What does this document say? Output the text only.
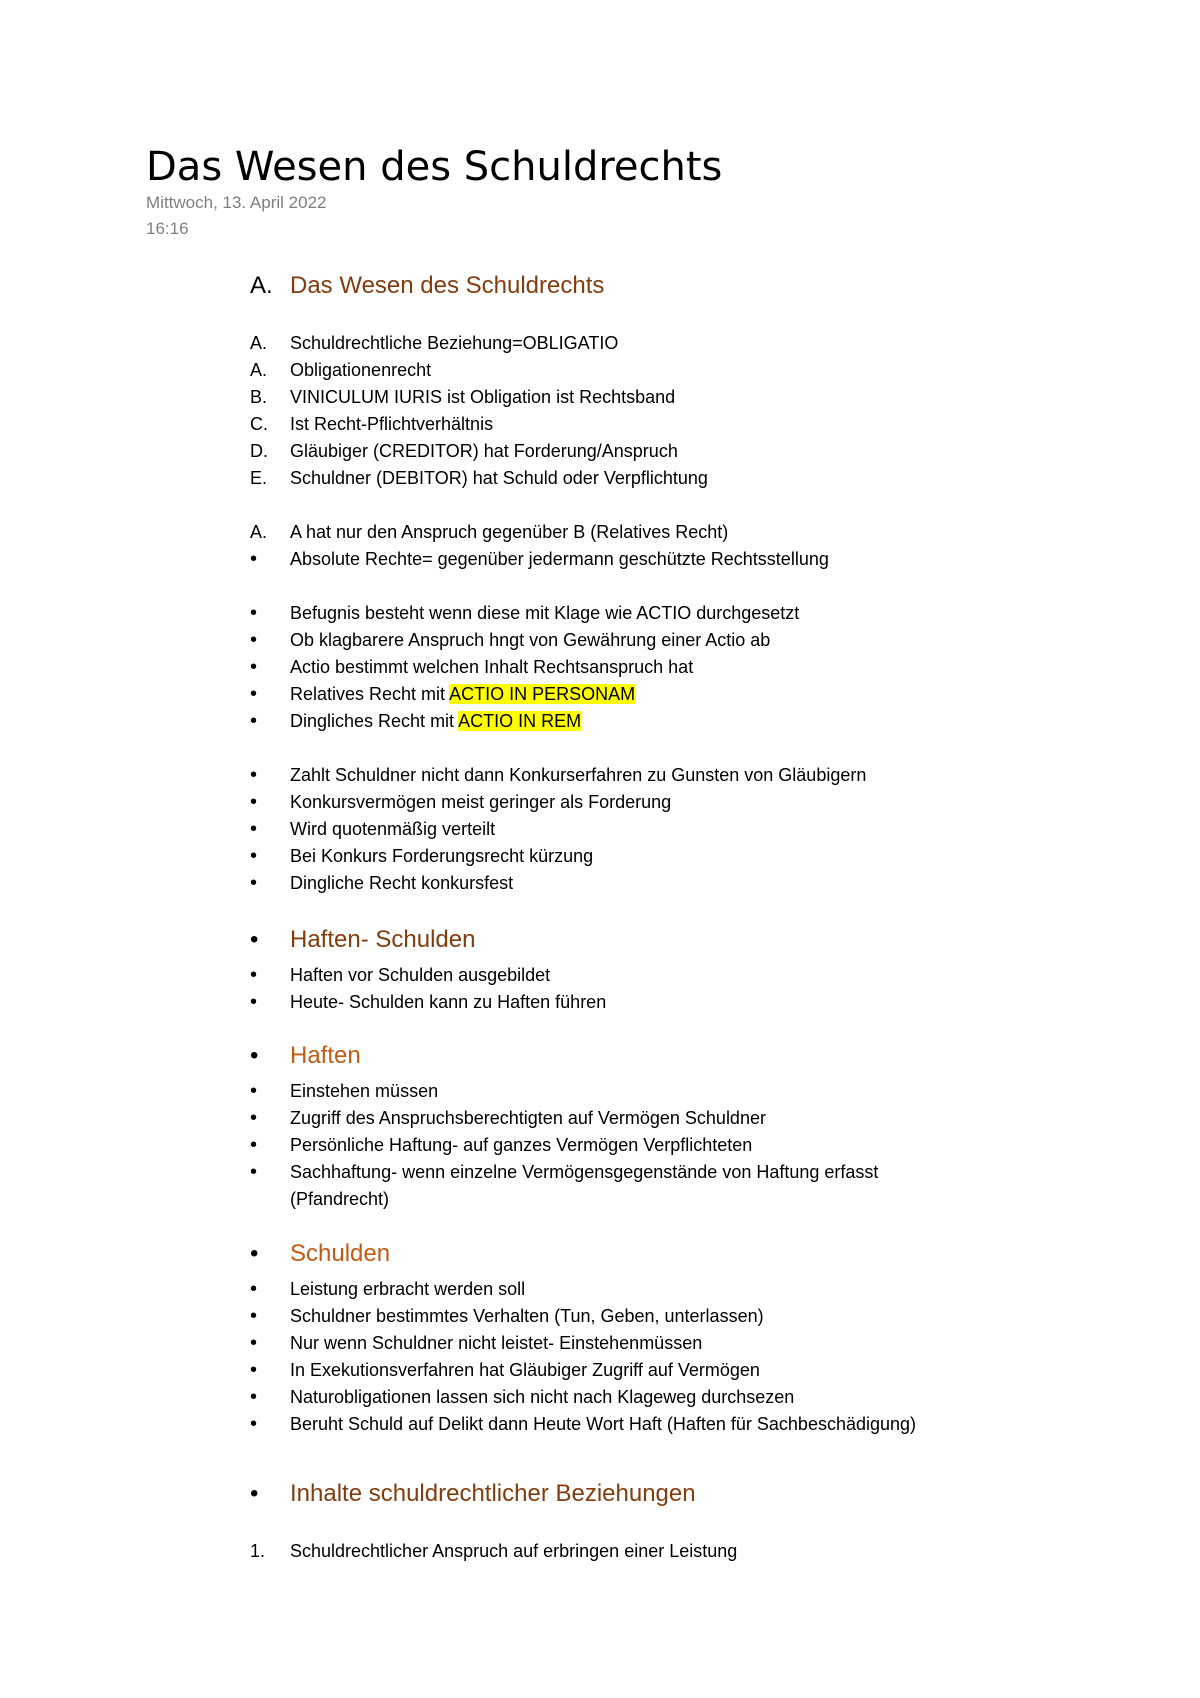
Das Wesen des Schuldrechts
Mittwoch, 13. April 2022
16:16
A. Das Wesen des Schuldrechts
A.	Schuldrechtliche Beziehung=OBLIGATIO
A.	Obligationenrecht
B.	VINICULUM IURIS ist Obligation ist Rechtsband
C.	Ist Recht-Pflichtverhältnis
D.	Gläubiger (CREDITOR) hat Forderung/Anspruch
E.	Schuldner (DEBITOR) hat Schuld oder Verpflichtung
A.	A hat nur den Anspruch gegenüber B (Relatives Recht)
•	Absolute Rechte= gegenüber jedermann geschützte Rechtsstellung
•	Befugnis besteht wenn diese mit Klage wie ACTIO durchgesetzt
•	Ob klagbarere Anspruch hngt von Gewährung einer Actio ab
•	Actio bestimmt welchen Inhalt Rechtsanspruch hat
•	Relatives Recht mit ACTIO IN PERSONAM
•	Dingliches Recht mit ACTIO IN REM
•	Zahlt Schuldner nicht dann Konkurserfahren zu Gunsten von Gläubigern
•	Konkursvermögen meist geringer als Forderung
•	Wird quotenmäßig verteilt
•	Bei Konkurs Forderungsrecht kürzung
•	Dingliche Recht konkursfest
•	Haften- Schulden
•	Haften vor Schulden ausgebildet
•	Heute- Schulden kann zu Haften führen
•	Haften
•	Einstehen müssen
•	Zugriff des Anspruchsberechtigten auf Vermögen Schuldner
•	Persönliche Haftung- auf ganzes Vermögen Verpflichteten
•	Sachhaftung- wenn einzelne Vermögensgegenstände von Haftung erfasst (Pfandrecht)
•	Schulden
•	Leistung erbracht werden soll
•	Schuldner bestimmtes Verhalten (Tun, Geben, unterlassen)
•	Nur wenn Schuldner nicht leistet- Einstehenmüssen
•	In Exekutionsverfahren hat Gläubiger Zugriff auf Vermögen
•	Naturobligationen lassen sich nicht nach Klageweg durchsezen
•	Beruht Schuld auf Delikt dann Heute Wort Haft (Haften für Sachbeschädigung)
•	Inhalte schuldrechtlicher Beziehungen
1.	Schuldrechtlicher Anspruch auf erbringen einer Leistung
